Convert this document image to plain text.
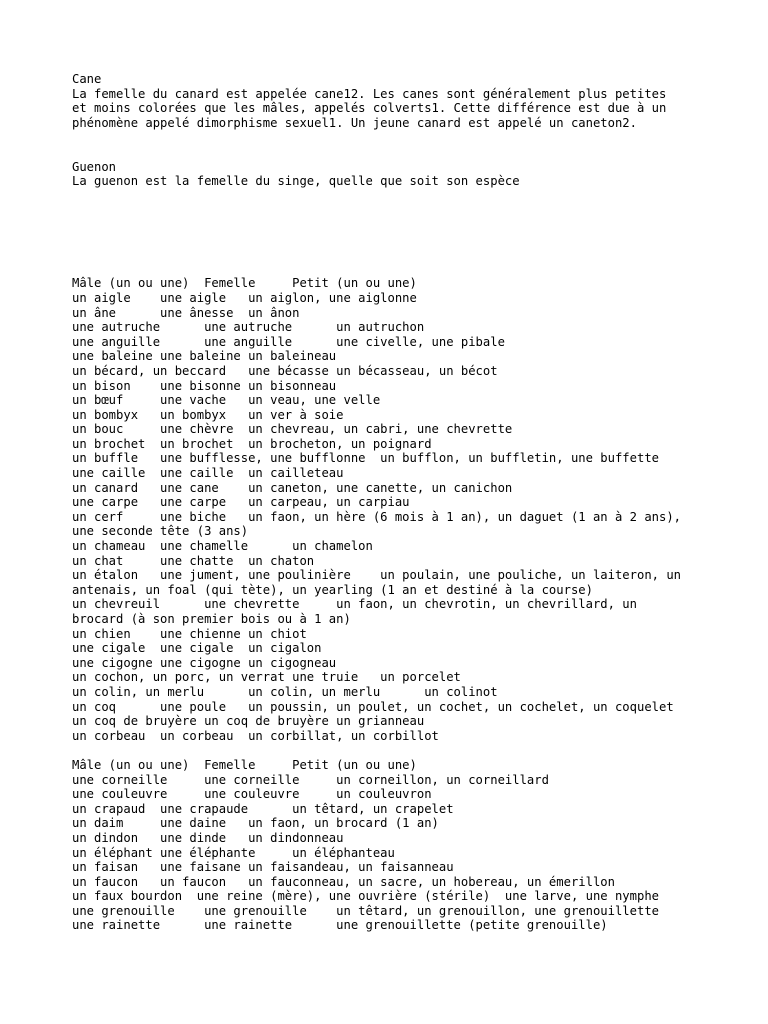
Cane
La femelle du canard est appelée cane12. Les canes sont généralement plus petites
et moins colorées que les mâles, appelés colverts1. Cette différence est due à un
phénomène appelé dimorphisme sexuel1. Un jeune canard est appelé un caneton2.
Guenon
La guenon est la femelle du singe, quelle que soit son espèce
Mâle (un ou une)  Femelle     Petit (un ou une)
un aigle    une aigle   un aiglon, une aiglonne
un âne      une ânesse  un ânon
une autruche      une autruche      un autruchon
une anguille      une anguille      une civelle, une pibale
une baleine une baleine un baleineau
un bécard, un beccard   une bécasse un bécasseau, un bécot
un bison    une bisonne un bisonneau
un bœuf     une vache   un veau, une velle
un bombyx   un bombyx   un ver à soie
un bouc     une chèvre  un chevreau, un cabri, une chevrette
un brochet  un brochet  un brocheton, un poignard
un buffle   une bufflesse, une bufflonne  un bufflon, un buffletin, une buffette
une caille  une caille  un cailleteau
un canard   une cane    un caneton, une canette, un canichon
une carpe   une carpe   un carpeau, un carpiau
un cerf     une biche   un faon, un hère (6 mois à 1 an), un daguet (1 an à 2 ans),
une seconde tête (3 ans)
un chameau  une chamelle      un chamelon
un chat     une chatte  un chaton
un étalon   une jument, une poulinière    un poulain, une pouliche, un laiteron, un
antenais, un foal (qui tète), un yearling (1 an et destiné à la course)
un chevreuil      une chevrette     un faon, un chevrotin, un chevrillard, un
brocard (à son premier bois ou à 1 an)
un chien    une chienne un chiot
une cigale  une cigale  un cigalon
une cigogne une cigogne un cigogneau
un cochon, un porc, un verrat une truie   un porcelet
un colin, un merlu      un colin, un merlu      un colinot
un coq      une poule   un poussin, un poulet, un cochet, un cochelet, un coquelet
un coq de bruyère un coq de bruyère un grianneau
un corbeau  un corbeau  un corbillat, un corbillot
Mâle (un ou une)  Femelle     Petit (un ou une)
une corneille     une corneille     un corneillon, un corneillard
une couleuvre     une couleuvre     un couleuvron
un crapaud  une crapaude      un têtard, un crapelet
un daim     une daine   un faon, un brocard (1 an)
un dindon   une dinde   un dindonneau
un éléphant une éléphante     un éléphanteau
un faisan   une faisane un faisandeau, un faisanneau
un faucon   un faucon   un fauconneau, un sacre, un hobereau, un émerillon
un faux bourdon  une reine (mère), une ouvrière (stérile)  une larve, une nymphe
une grenouille    une grenouille    un têtard, un grenouillon, une grenouillette
une rainette      une rainette      une grenouillette (petite grenouille)
